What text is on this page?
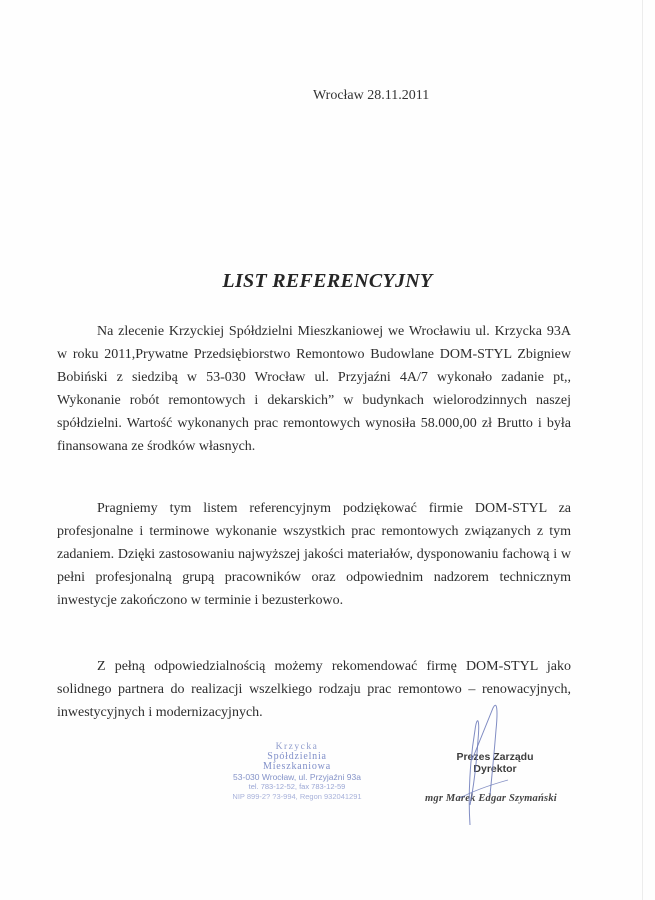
Wrocław 28.11.2011
LIST REFERENCYJNY
Na zlecenie Krzyckiej Spółdzielni Mieszkaniowej we Wrocławiu ul. Krzycka 93A
w roku 2011,Prywatne Przedsiębiorstwo Remontowo Budowlane DOM-STYL Zbigniew
Bobiński z siedzibą w 53-030 Wrocław ul. Przyjaźni 4A/7 wykonało zadanie pt,,
Wykonanie robót remontowych i dekarskich” w budynkach wielorodzinnych naszej
spółdzielni. Wartość wykonanych prac remontowych wynosiła 58.000,00 zł Brutto i była
finansowana ze środków własnych.
Pragniemy tym listem referencyjnym podziękować firmie DOM-STYL za
profesjonalne i terminowe wykonanie wszystkich prac remontowych związanych z tym
zadaniem. Dzięki zastosowaniu najwyższej jakości materiałów, dysponowaniu fachową i w
pełni profesjonalną grupą pracowników oraz odpowiednim nadzorem technicznym
inwestycje zakończono w terminie i bezusterkowo.
Z pełną odpowiedzialnością możemy rekomendować firmę DOM-STYL jako
solidnego partnera do realizacji wszelkiego rodzaju prac remontowo – renowacyjnych,
inwestycyjnych i modernizacyjnych.
Krzycka
Spółdzielnia Mieszkaniowa
53-030 Wrocław, ul. Przyjaźni 93a
tel. 783-12-52, fax 783-12-59
NIP 899-2? ?3-994, Regon 932041291
Prezes Zarządu
Dyrektor
mgr Marek Edgar Szymański
